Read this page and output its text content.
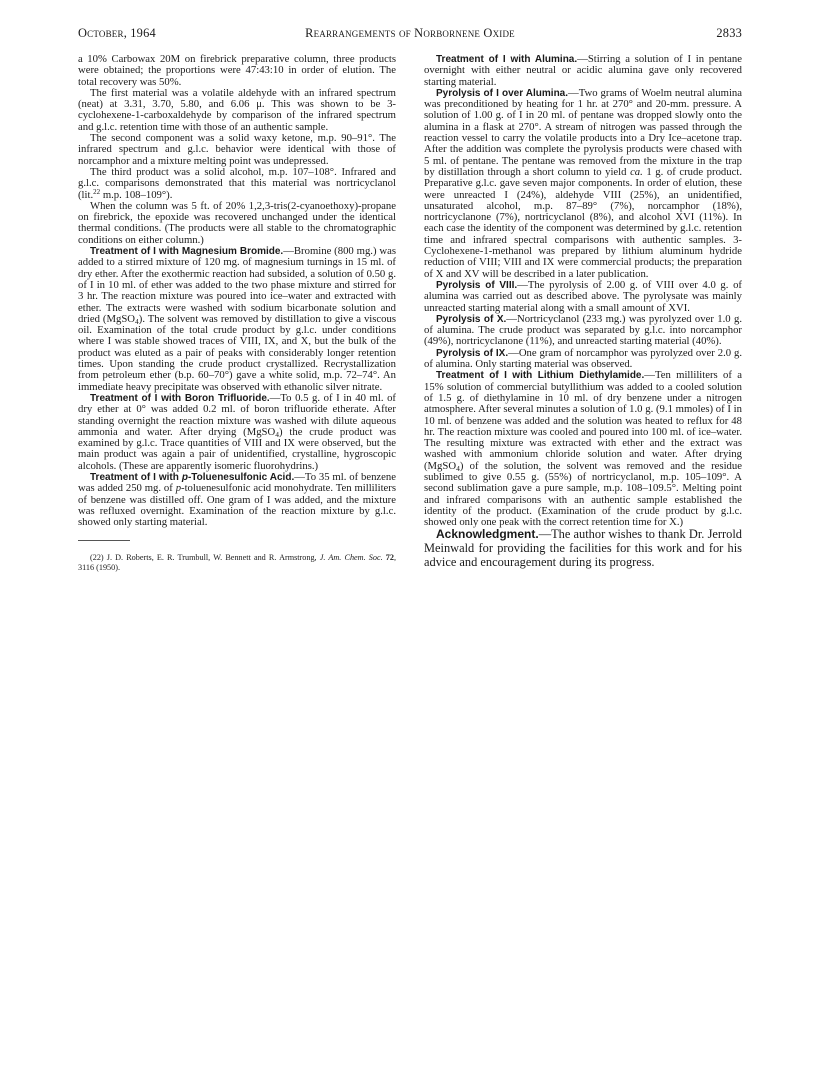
October, 1964	Rearrangements of Norbornene Oxide	2833

a 10% Carbowax 20M on firebrick preparative column, three products were obtained; the proportions were 47:43:10 in order of elution. The total recovery was 50%.

The first material was a volatile aldehyde with an infrared spectrum (neat) at 3.31, 3.70, 5.80, and 6.06 μ. This was shown to be 3-cyclohexene-1-carboxaldehyde by comparison of the infrared spectrum and g.l.c. retention time with those of an authentic sample.

The second component was a solid waxy ketone, m.p. 90–91°. The infrared spectrum and g.l.c. behavior were identical with those of norcamphor and a mixture melting point was undepressed.

The third product was a solid alcohol, m.p. 107–108°. Infrared and g.l.c. comparisons demonstrated that this material was nortricyclanol (lit.$^{22}$ m.p. 108–109°).

When the column was 5 ft. of 20% 1,2,3-tris(2-cyanoethoxy)-propane on firebrick, the epoxide was recovered unchanged under the identical thermal conditions. (The products were all stable to the chromatographic conditions on either column.)

Treatment of I with Magnesium Bromide.—Bromine (800 mg.) was added to a stirred mixture of 120 mg. of magnesium turnings in 15 ml. of dry ether. After the exothermic reaction had subsided, a solution of 0.50 g. of I in 10 ml. of ether was added to the two phase mixture and stirred for 3 hr. The reaction mixture was poured into ice–water and extracted with ether. The extracts were washed with sodium bicarbonate solution and dried (MgSO$_4$). The solvent was removed by distillation to give a viscous oil. Examination of the total crude product by g.l.c. under conditions where I was stable showed traces of VIII, IX, and X, but the bulk of the product was eluted as a pair of peaks with considerably longer retention times. Upon standing the crude product crystallized. Recrystallization from petroleum ether (b.p. 60–70°) gave a white solid, m.p. 72–74°. An immediate heavy precipitate was observed with ethanolic silver nitrate.

Treatment of I with Boron Trifluoride.—To 0.5 g. of I in 40 ml. of dry ether at 0° was added 0.2 ml. of boron trifluoride etherate. After standing overnight the reaction mixture was washed with dilute aqueous ammonia and water. After drying (MgSO$_4$) the crude product was examined by g.l.c. Trace quantities of VIII and IX were observed, but the main product was again a pair of unidentified, crystalline, hygroscopic alcohols. (These are apparently isomeric fluorohydrins.)

Treatment of I with p-Toluenesulfonic Acid.—To 35 ml. of benzene was added 250 mg. of p-toluenesulfonic acid monohydrate. Ten milliliters of benzene was distilled off. One gram of I was added, and the mixture was refluxed overnight. Examination of the reaction mixture by g.l.c. showed only starting material.

(22) J. D. Roberts, E. R. Trumbull, W. Bennett and R. Armstrong, J. Am. Chem. Soc. 72, 3116 (1950).

Treatment of I with Alumina.—Stirring a solution of I in pentane overnight with either neutral or acidic alumina gave only recovered starting material.

Pyrolysis of I over Alumina.—Two grams of Woelm neutral alumina was preconditioned by heating for 1 hr. at 270° and 20-mm. pressure. A solution of 1.00 g. of I in 20 ml. of pentane was dropped slowly onto the alumina in a flask at 270°. A stream of nitrogen was passed through the reaction vessel to carry the volatile products into a Dry Ice–acetone trap. After the addition was complete the pyrolysis products were chased with 5 ml. of pentane. The pentane was removed from the mixture in the trap by distillation through a short column to yield ca. 1 g. of crude product. Preparative g.l.c. gave seven major components. In order of elution, these were unreacted I (24%), aldehyde VIII (25%), an unidentified, unsaturated alcohol, m.p. 87–89° (7%), norcamphor (18%), nortricyclanone (7%), nortricyclanol (8%), and alcohol XVI (11%). In each case the identity of the component was determined by g.l.c. retention time and infrared spectral comparisons with authentic samples. 3-Cyclohexene-1-methanol was prepared by lithium aluminum hydride reduction of VIII; VIII and IX were commercial products; the preparation of X and XV will be described in a later publication.

Pyrolysis of VIII.—The pyrolysis of 2.00 g. of VIII over 4.0 g. of alumina was carried out as described above. The pyrolysate was mainly unreacted starting material along with a small amount of XVI.

Pyrolysis of X.—Nortricyclanol (233 mg.) was pyrolyzed over 1.0 g. of alumina. The crude product was separated by g.l.c. into norcamphor (49%), nortricyclanone (11%), and unreacted starting material (40%).

Pyrolysis of IX.—One gram of norcamphor was pyrolyzed over 2.0 g. of alumina. Only starting material was observed.

Treatment of I with Lithium Diethylamide.—Ten milliliters of a 15% solution of commercial butyllithium was added to a cooled solution of 1.5 g. of diethylamine in 10 ml. of dry benzene under a nitrogen atmosphere. After several minutes a solution of 1.0 g. (9.1 mmoles) of I in 10 ml. of benzene was added and the solution was heated to reflux for 48 hr. The reaction mixture was cooled and poured into 100 ml. of ice–water. The resulting mixture was extracted with ether and the extract was washed with ammonium chloride solution and water. After drying (MgSO$_4$) of the solution, the solvent was removed and the residue sublimed to give 0.55 g. (55%) of nortricyclanol, m.p. 105–109°. A second sublimation gave a pure sample, m.p. 108–109.5°. Melting point and infrared comparisons with an authentic sample established the identity of the product. (Examination of the crude product by g.l.c. showed only one peak with the correct retention time for X.)

Acknowledgment.—The author wishes to thank Dr. Jerrold Meinwald for providing the facilities for this work and for his advice and encouragement during its progress.
